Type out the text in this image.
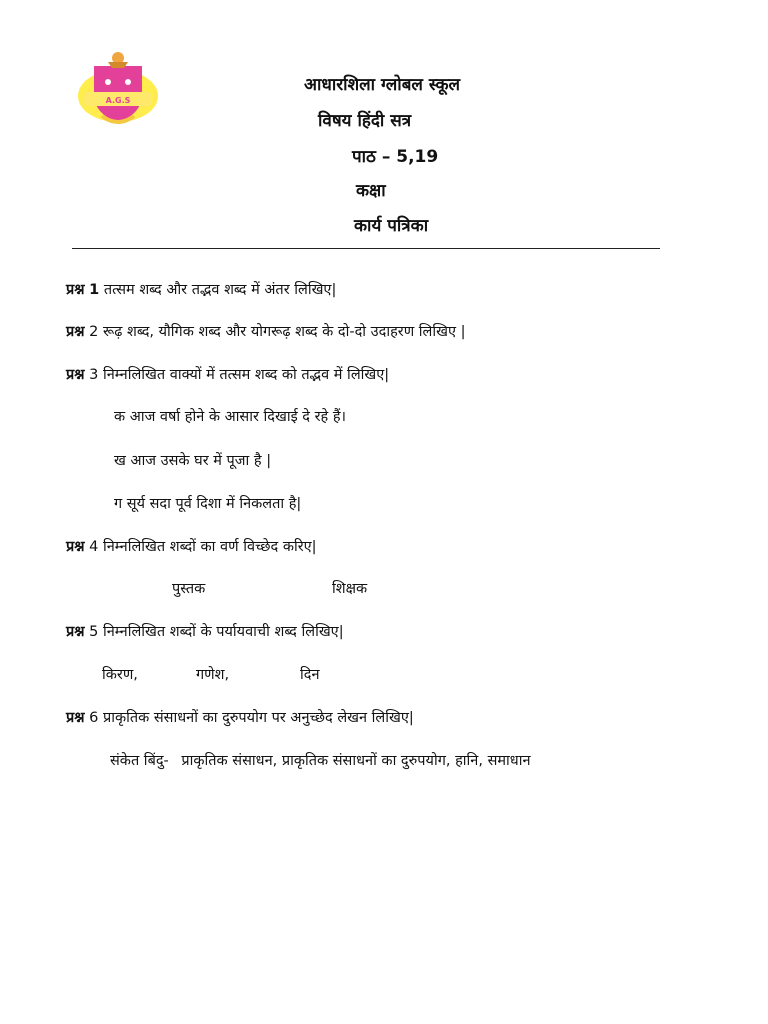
A.G.S
आधारशिला ग्लोबल स्कूल
विषय हिंदी सत्र
पाठ – 5,19
कक्षा
कार्य पत्रिका
प्रश्न 1 तत्सम शब्द और तद्भव शब्द में अंतर लिखिए|
प्रश्न 2 रूढ़ शब्द, यौगिक शब्द और योगरूढ़ शब्द के दो-दो उदाहरण लिखिए |
प्रश्न 3 निम्नलिखित वाक्यों में तत्सम शब्द को तद्भव में लिखिए|
क आज वर्षा होने के आसार दिखाई दे रहे हैं।
ख आज उसके घर में पूजा है |
ग सूर्य सदा पूर्व दिशा में निकलता है|
प्रश्न 4 निम्नलिखित शब्दों का वर्ण विच्छेद करिए|
पुस्तक	शिक्षक
प्रश्न 5 निम्नलिखित शब्दों के पर्यायवाची शब्द लिखिए|
किरण,	गणेश,	दिन
प्रश्न 6 प्राकृतिक संसाधनों का दुरुपयोग पर अनुच्छेद लेखन लिखिए|
संकेत बिंदु- प्राकृतिक संसाधन, प्राकृतिक संसाधनों का दुरुपयोग, हानि, समाधान
